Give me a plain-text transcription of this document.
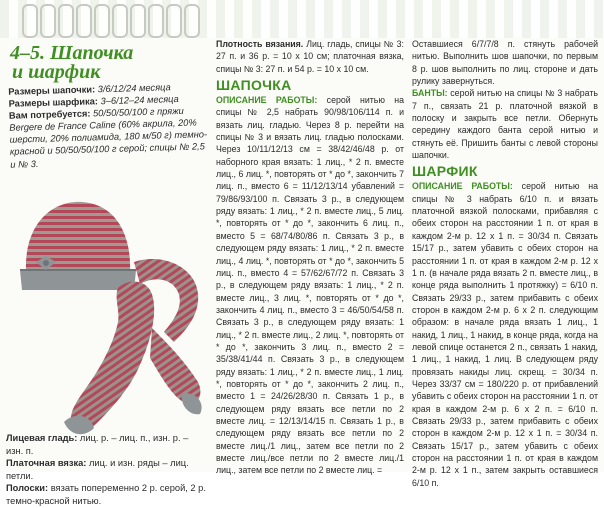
4–5. Шапочка
и шарфик
Размеры шапочки: 3/6/12/24 месяца
Размеры шарфика: 3–6/12–24 месяца
Вам потребуется: 50/50/50/100 г пряжи Bergere de France Caline (60% акрила, 20% шерсти, 20% полиамида, 180 м/50 г) темно-красной и 50/50/50/100 г серой; спицы № 2,5 и № 3.

Лицевая гладь: лиц. р. – лиц. п., изн. р. – изн. п.

Платочная вязка: лиц. и изн. ряды – лиц. петли.

Полоски: вязать попеременно 2 р. серой, 2 р. темно-красной нитью.

Плотность вязания. Лиц. гладь, спицы № 3: 27 п. и 36 р. = 10 х 10 см; платочная вязка, спицы № 3: 27 п. и 54 р. = 10 х 10 см.

ШАПОЧКА

ОПИСАНИЕ РАБОТЫ: серой нитью на спицы № 2,5 набрать 90/98/106/114 п. и вязать лиц. гладью. Через 8 р. перейти на спицы № 3 и вязать лиц. гладью полосками. Через 10/11/12/13 см = 38/42/46/48 р. от наборного края вязать: 1 лиц., * 2 п. вместе лиц., 6 лиц. *, повторять от * до *, закончить 7 лиц. п., вместо 6 = 11/12/13/14 убавлений = 79/86/93/100 п. Связать 3 р., в следующем ряду вязать: 1 лиц., * 2 п. вместе лиц., 5 лиц. *, повторять от * до *, закончить 6 лиц. п., вместо 5 = 68/74/80/86 п. Связать 3 р., в следующем ряду вязать: 1 лиц., * 2 п. вместе лиц., 4 лиц. *, повторять от * до *, закончить 5 лиц. п., вместо 4 = 57/62/67/72 п. Связать 3 р., в следующем ряду вязать: 1 лиц., * 2 п. вместе лиц., 3 лиц. *, повторять от * до *, закончить 4 лиц. п., вместо 3 = 46/50/54/58 п. Связать 3 р., в следующем ряду вязать: 1 лиц., * 2 п. вместе лиц., 2 лиц. *, повторять от * до *, закончить 3 лиц. п., вместо 2 = 35/38/41/44 п. Связать 3 р., в следующем ряду вязать: 1 лиц., * 2 п. вместе лиц., 1 лиц. *, повторять от * до *, закончить 2 лиц. п., вместо 1 = 24/26/28/30 п. Связать 1 р., в следующем ряду вязать все петли по 2 вместе лиц. = 12/13/14/15 п. Связать 1 р., в следующем ряду вязать все петли по 2 вместе лиц./1 лиц., затем все петли по 2 вместе лиц./все петли по 2 вместе лиц./1 лиц., затем все петли по 2 вместе лиц. =

Оставшиеся 6/7/7/8 п. стянуть рабочей нитью. Выполнить шов шапочки, по первым 8 р. шов выполнить по лиц. стороне и дать рулику завернуться.

БАНТЫ: серой нитью на спицы № 3 набрать 7 п., связать 21 р. платочной вязкой в полоску и закрыть все петли. Обернуть середину каждого банта серой нитью и стянуть её. Пришить банты с левой стороны шапочки.

ШАРФИК

ОПИСАНИЕ РАБОТЫ: серой нитью на спицы № 3 набрать 6/10 п. и вязать платочной вязкой полосками, прибавляя с обеих сторон на расстоянии 1 п. от края в каждом 2-м р. 12 х 1 п. = 30/34 п. Связать 15/17 р., затем убавить с обеих сторон на расстоянии 1 п. от края в каждом 2-м р. 12 х 1 п. (в начале ряда вязать 2 п. вместе лиц., в конце ряда выполнить 1 протяжку) = 6/10 п. Связать 29/33 р., затем прибавить с обеих сторон в каждом 2-м р. 6 х 2 п. следующим образом: в начале ряда вязать 1 лиц., 1 накид, 1 лиц., 1 накид, в конце ряда, когда на левой спице останется 2 п., связать 1 накид, 1 лиц., 1 накид, 1 лиц. В следующем ряду провязать накиды лиц. скрещ. = 30/34 п. Через 33/37 см = 180/220 р. от прибавлений убавить с обеих сторон на расстоянии 1 п. от края в каждом 2-м р. 6 х 2 п. = 6/10 п. Связать 29/33 р., затем прибавить с обеих сторон в каждом 2-м р. 12 х 1 п. = 30/34 п. Связать 15/17 р., затем убавить с обеих сторон на расстоянии 1 п. от края в каждом 2-м р. 12 х 1 п., затем закрыть оставшиеся 6/10 п.
